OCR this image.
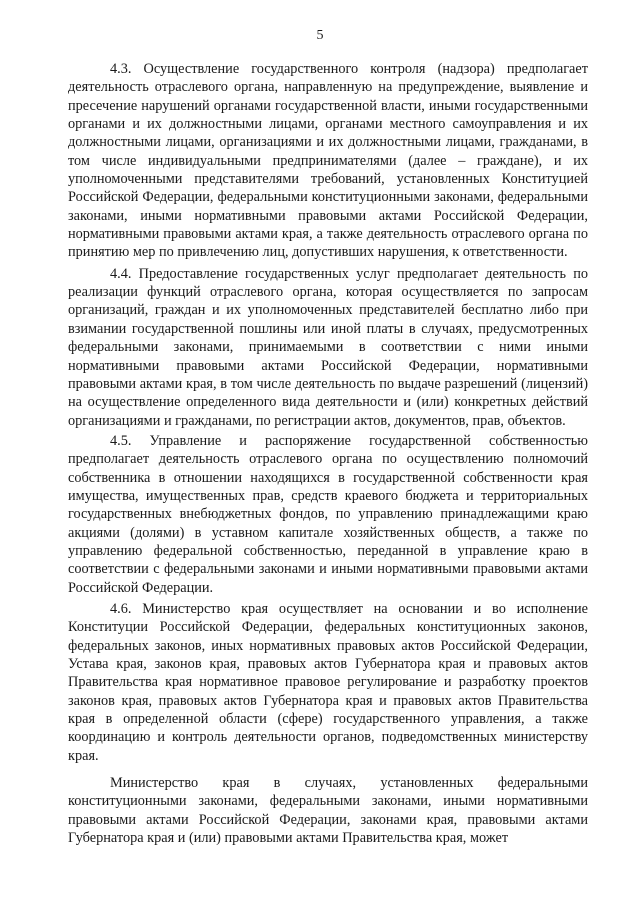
5

4.3. Осуществление государственного контроля (надзора) предполагает деятельность отраслевого органа, направленную на предупреждение, выявление и пресечение нарушений органами государственной власти, иными государственными органами и их должностными лицами, органами местного самоуправления и их должностными лицами, организациями и их должностными лицами, гражданами, в том числе индивидуальными предпринимателями (далее – граждане), и их уполномоченными представителями требований, установленных Конституцией Российской Федерации, федеральными конституционными законами, федеральными законами, иными нормативными правовыми актами Российской Федерации, нормативными правовыми актами края, а также деятельность отраслевого органа по принятию мер по привлечению лиц, допустивших нарушения, к ответственности.

4.4. Предоставление государственных услуг предполагает деятельность по реализации функций отраслевого органа, которая осуществляется по запросам организаций, граждан и их уполномоченных представителей бесплатно либо при взимании государственной пошлины или иной платы в случаях, предусмотренных федеральными законами, принимаемыми в соответствии с ними иными нормативными правовыми актами Российской Федерации, нормативными правовыми актами края, в том числе деятельность по выдаче разрешений (лицензий) на осуществление определенного вида деятельности и (или) конкретных действий организациями и гражданами, по регистрации актов, документов, прав, объектов.

4.5. Управление и распоряжение государственной собственностью предполагает деятельность отраслевого органа по осуществлению полномочий собственника в отношении находящихся в государственной собственности края имущества, имущественных прав, средств краевого бюджета и территориальных государственных внебюджетных фондов, по управлению принадлежащими краю акциями (долями) в уставном капитале хозяйственных обществ, а также по управлению федеральной собственностью, переданной в управление краю в соответствии с федеральными законами и иными нормативными правовыми актами Российской Федерации.

4.6. Министерство края осуществляет на основании и во исполнение Конституции Российской Федерации, федеральных конституционных законов, федеральных законов, иных нормативных правовых актов Российской Федерации, Устава края, законов края, правовых актов Губернатора края и правовых актов Правительства края нормативное правовое регулирование и разработку проектов законов края, правовых актов Губернатора края и правовых актов Правительства края в определенной области (сфере) государственного управления, а также координацию и контроль деятельности органов, подведомственных министерству края.

Министерство края в случаях, установленных федеральными конституционными законами, федеральными законами, иными нормативными правовыми актами Российской Федерации, законами края, правовыми актами Губернатора края и (или) правовыми актами Правительства края, может
